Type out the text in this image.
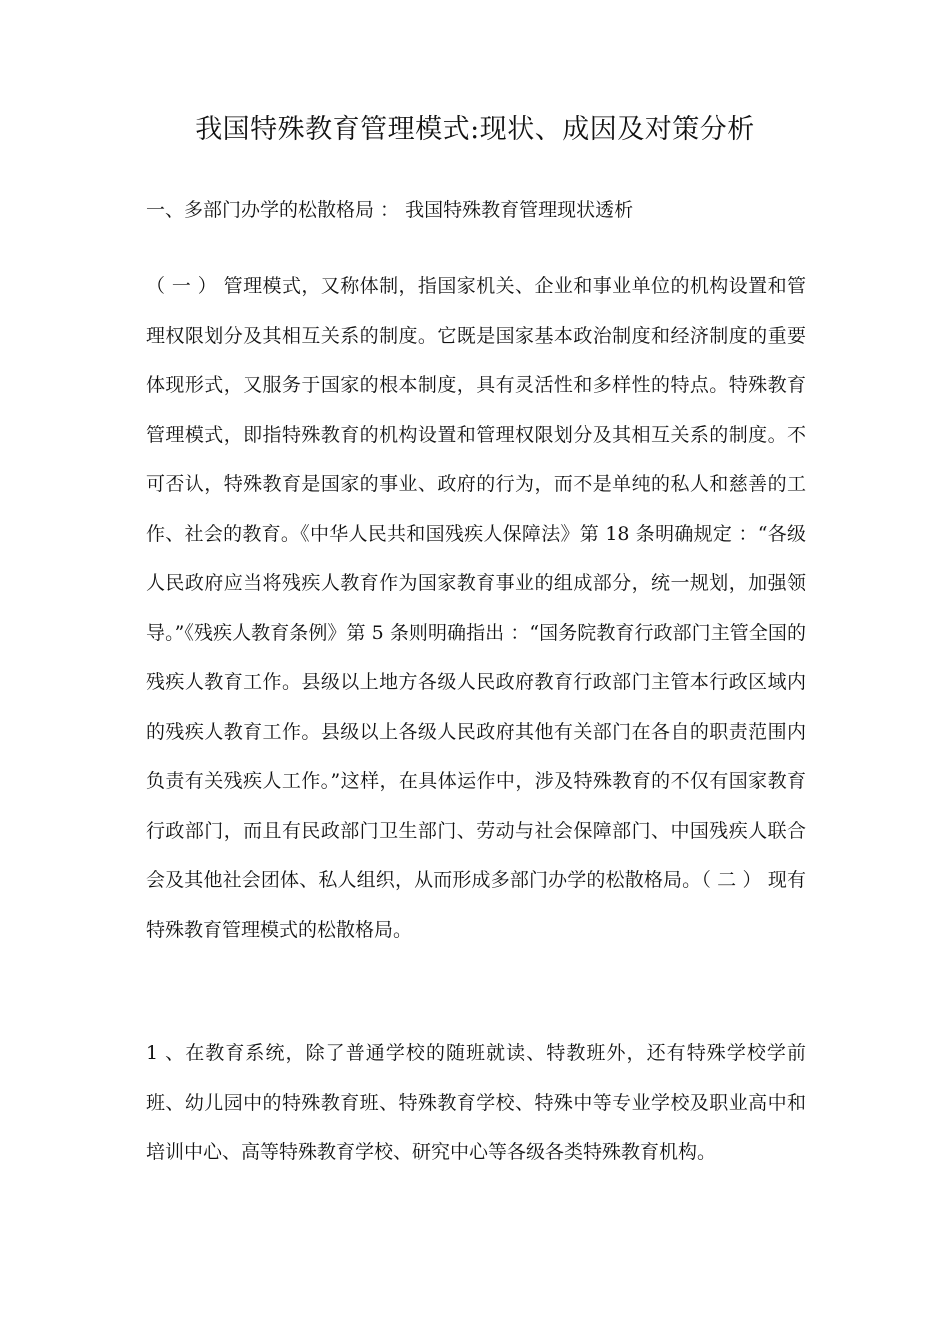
我国特殊教育管理模式:现状、成因及对策分析
一、多部门办学的松散格局 ： 我国特殊教育管理现状透析

（ 一 ） 管理模式，又称体制，指国家机关、企业和事业单位的机构设置和管理权限划分及其相互关系的制度。它既是国家基本政治制度和经济制度的重要体现形式，又服务于国家的根本制度，具有灵活性和多样性的特点。特殊教育管理模式，即指特殊教育的机构设置和管理权限划分及其相互关系的制度。不可否认，特殊教育是国家的事业、政府的行为，而不是单纯的私人和慈善的工作、社会的教育。《中华人民共和国残疾人保障法》第 18 条明确规定 ：“各级人民政府应当将残疾人教育作为国家教育事业的组成部分，统一规划，加强领导。”《残疾人教育条例》第 5 条则明确指出 ：“国务院教育行政部门主管全国的残疾人教育工作。县级以上地方各级人民政府教育行政部门主管本行政区域内的残疾人教育工作。县级以上各级人民政府其他有关部门在各自的职责范围内负责有关残疾人工作。”这样，在具体运作中，涉及特殊教育的不仅有国家教育行政部门，而且有民政部门卫生部门、劳动与社会保障部门、中国残疾人联合会及其他社会团体、私人组织，从而形成多部门办学的松散格局。（ 二 ） 现有特殊教育管理模式的松散格局。

1 、在教育系统，除了普通学校的随班就读、特教班外，还有特殊学校学前班、幼儿园中的特殊教育班、特殊教育学校、特殊中等专业学校及职业高中和培训中心、高等特殊教育学校、研究中心等各级各类特殊教育机构。
